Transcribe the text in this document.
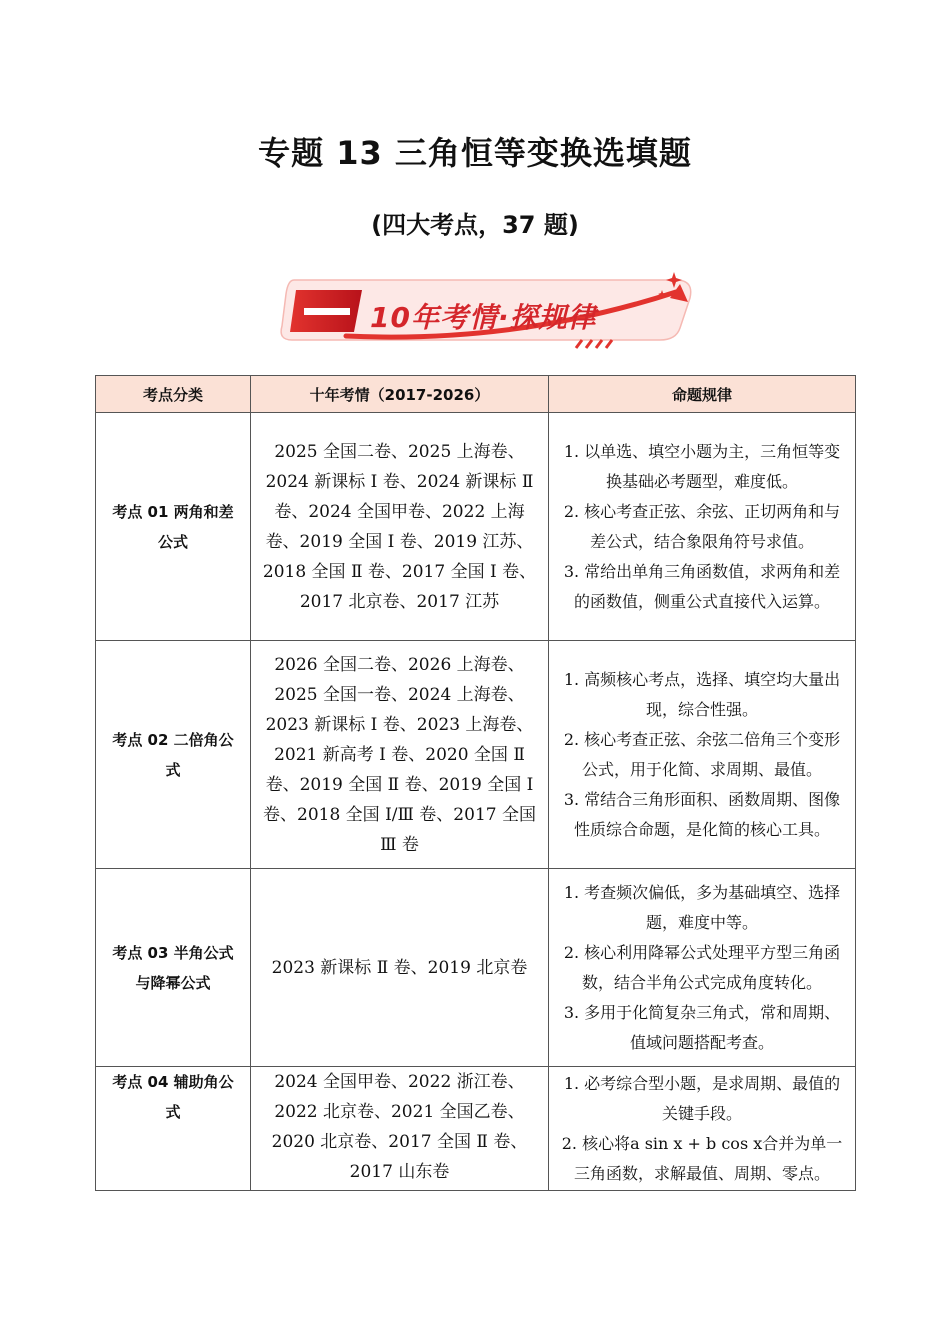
专题 13 三角恒等变换选填题
(四大考点，37 题)
10年考情·探规律
考点分类	十年考情（2017-2026）	命题规律
考点 01 两角和差公式	2025 全国二卷、2025 上海卷、2024 新课标 Ⅰ 卷、2024 新课标 Ⅱ 卷、2024 全国甲卷、2022 上海卷、2019 全国 Ⅰ 卷、2019 江苏、2018 全国 Ⅱ 卷、2017 全国 Ⅰ 卷、2017 北京卷、2017 江苏	1. 以单选、填空小题为主，三角恒等变换基础必考题型，难度低。

2. 核心考查正弦、余弦、正切两角和与差公式，结合象限角符号求值。

3. 常给出单角三角函数值，求两角和差的函数值，侧重公式直接代入运算。

考点 02 二倍角公式	2026 全国二卷、2026 上海卷、2025 全国一卷、2024 上海卷、2023 新课标 Ⅰ 卷、2023 上海卷、2021 新高考 Ⅰ 卷、2020 全国 Ⅱ 卷、2019 全国 Ⅱ 卷、2019 全国 Ⅰ 卷、2018 全国 Ⅰ/Ⅲ 卷、2017 全国 Ⅲ 卷	1. 高频核心考点，选择、填空均大量出现，综合性强。

2. 核心考查正弦、余弦二倍角三个变形公式，用于化简、求周期、最值。

3. 常结合三角形面积、函数周期、图像性质综合命题，是化简的核心工具。

考点 03 半角公式与降幂公式	2023 新课标 Ⅱ 卷、2019 北京卷	1. 考查频次偏低，多为基础填空、选择题，难度中等。

2. 核心利用降幂公式处理平方型三角函数，结合半角公式完成角度转化。

3. 多用于化简复杂三角式，常和周期、值域问题搭配考查。

考点 04 辅助角公式	2024 全国甲卷、2022 浙江卷、2022 北京卷、2021 全国乙卷、2020 北京卷、2017 全国 Ⅱ 卷、2017 山东卷	1. 必考综合型小题，是求周期、最值的关键手段。

2. 核心将a sin x + b cos x合并为单一三角函数，求解最值、周期、零点。
